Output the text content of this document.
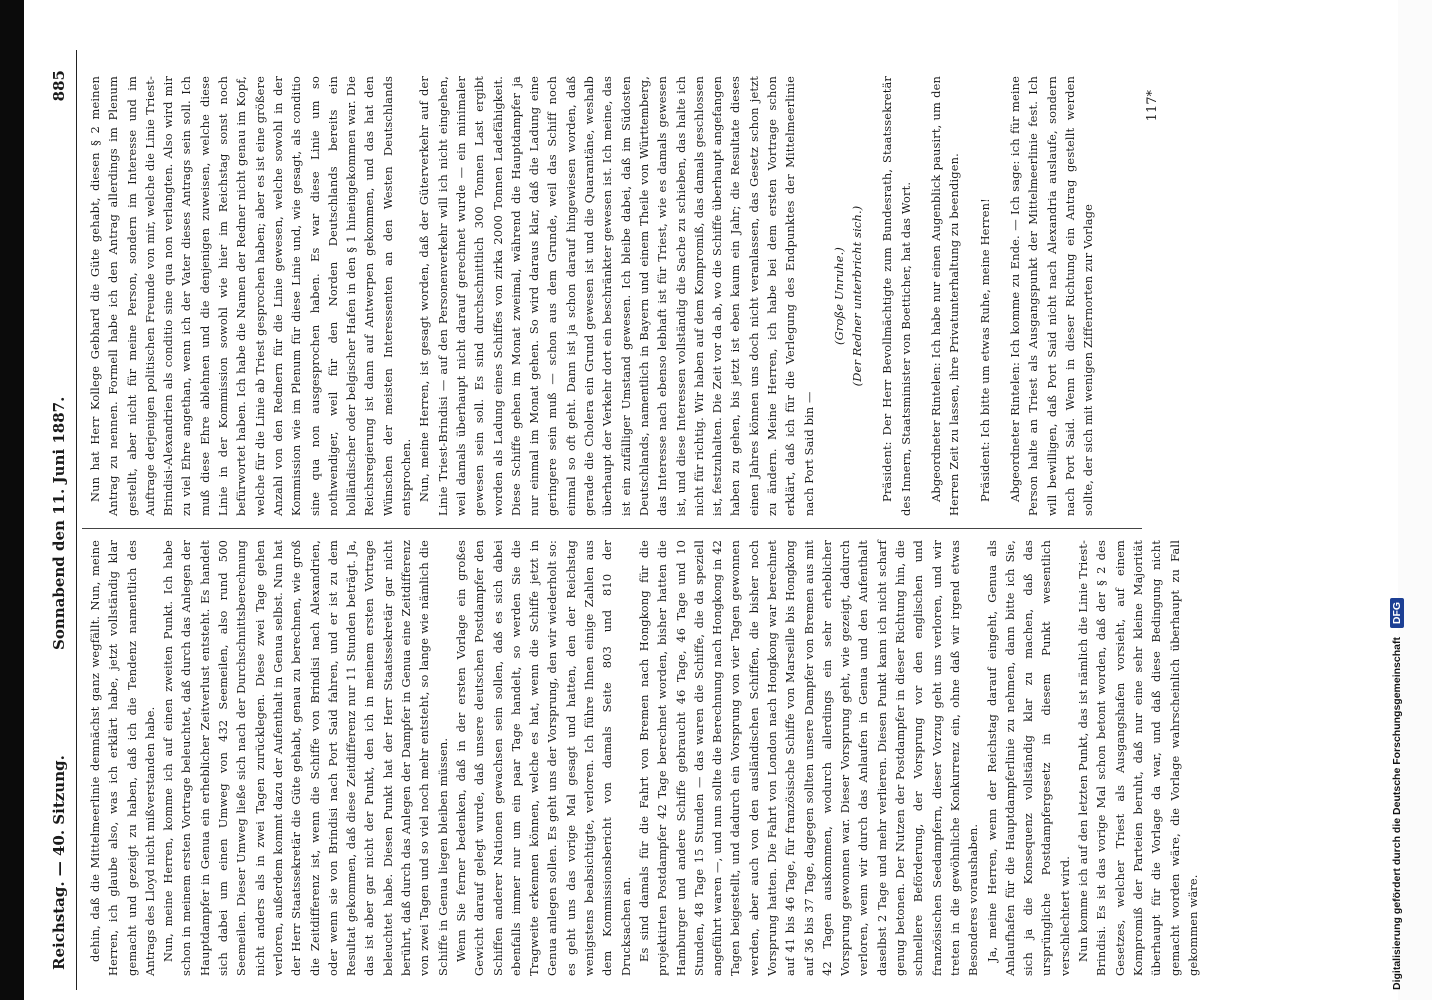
Reichstag. — 40. Sitzung.
Sonnabend den 11. Juni 1887.
885

dehin, daß die Mittelmeerlinie demnächst ganz wegfällt. Nun, meine Herren, ich glaube also, was ich erklärt habe, jetzt vollständig klar gemacht und gezeigt zu haben, daß ich die Tendenz namentlich des Antrags des Lloyd nicht mißverstanden habe. Nun, meine Herren, komme ich auf einen zweiten Punkt. Ich habe schon in meinem ersten Vortrage beleuchtet, daß durch das Anlegen der Hauptdampfer in Genua ein erheblicher Zeitverlust entsteht. Es handelt sich dabei um einen Umweg von 432 Seemeilen, also rund 500 Seemeilen. Dieser Umweg ließe sich nach der Durchschnittsberechnung nicht anders als in zwei Tagen zurücklegen. Diese zwei Tage gehen verloren, außerdem kommt dazu der Aufenthalt in Genua selbst. Nun hat der Herr Staatssekretär die Güte gehabt, genau zu berechnen, wie groß die Zeitdifferenz ist, wenn die Schiffe von Brindisi nach Alexandrien, oder wenn sie von Brindisi nach Port Said fahren, und er ist zu dem Resultat gekommen, daß diese Zeitdifferenz nur 11 Stunden beträgt. Ja, das ist aber gar nicht der Punkt, den ich in meinem ersten Vortrage beleuchtet habe. Diesen Punkt hat der Herr Staatssekretär gar nicht berührt, daß durch das Anlegen der Dampfer in Genua eine Zeitdifferenz von zwei Tagen und so viel noch mehr entsteht, so lange wie nämlich die Schiffe in Genua liegen bleiben müssen. Wenn Sie ferner bedenken, daß in der ersten Vorlage ein großes Gewicht darauf gelegt wurde, daß unsere deutschen Postdampfer den Schiffen anderer Nationen gewachsen sein sollen, daß es sich dabei ebenfalls immer nur um ein paar Tage handelt, so werden Sie die Tragweite erkennen können, welche es hat, wenn die Schiffe jetzt in Genua anlegen sollen. Es geht uns der Vorsprung, den wir wiederholt so: es geht uns das vorige Mal gesagt und hatten, den der Reichstag wenigstens beabsichtigte, verloren. Ich führe Ihnen einige Zahlen aus dem Kommissionsbericht von damals Seite 803 und 810 der Drucksachen an. Es sind damals für die Fahrt von Bremen nach Hongkong für die projektirten Postdampfer 42 Tage berechnet worden, bisher hatten die Hamburger und andere Schiffe gebraucht 46 Tage, 46 Tage und 10 Stunden, 48 Tage 15 Stunden — das waren die Schiffe, die da speziell angeführt waren —, und nun sollte die Berechnung nach Hongkong in 42 Tagen beigestellt, und dadurch ein Vorsprung von vier Tagen gewonnen werden, aber auch von den ausländischen Schiffen, die bisher noch Vorsprung hatten. Die Fahrt von London nach Hongkong war berechnet auf 41 bis 46 Tage, für französische Schiffe von Marseille bis Hongkong auf 36 bis 37 Tage, dagegen sollten unsere Dampfer von Bremen aus mit 42 Tagen auskommen, wodurch allerdings ein sehr erheblicher Vorsprung gewonnen war. Dieser Vorsprung geht, wie gezeigt, dadurch verloren, wenn wir durch das Anlaufen in Genua und den Aufenthalt daselbst 2 Tage und mehr verlieren. Diesen Punkt kann ich nicht scharf genug betonen. Der Nutzen der Postdampfer in dieser Richtung hin, die schnellere Beförderung, der Vorsprung vor den englischen und französischen Seedampfern, dieser Vorzug geht uns verloren, und wir treten in die gewöhnliche Konkurrenz ein, ohne daß wir irgend etwas Besonderes voraushaben. Ja, meine Herren, wenn der Reichstag darauf eingeht, Genua als Anlaufhafen für die Hauptdampferlinie zu nehmen, dann bitte ich Sie, sich ja die Konsequenz vollständig klar zu machen, daß das ursprüngliche Postdampfergesetz in diesem Punkt wesentlich verschlechtert wird. Nun komme ich auf den letzten Punkt, das ist nämlich die Linie Triest-Brindisi. Es ist das vorige Mal schon betont worden, daß der § 2 des Gesetzes, welcher Triest als Ausgangshafen vorsieht, auf einem Kompromiß der Parteien beruht, daß nur eine sehr kleine Majorität überhaupt für die Vorlage da war, und daß diese Bedingung nicht gemacht worden wäre, die Vorlage wahrscheinlich überhaupt zu Fall gekommen wäre.

Nun hat Herr Kollege Gebhard die Güte gehabt, diesen § 2 meinen Antrag zu nennen. Formell habe ich den Antrag allerdings im Plenum gestellt, aber nicht für meine Person, sondern im Interesse und im Auftrage derjenigen politischen Freunde von mir, welche die Linie Triest-Brindisi-Alexandrien als conditio sine qua non verlangten. Also wird mir zu viel Ehre angethan, wenn ich der Vater dieses Antrags sein soll. Ich muß diese Ehre ablehnen und die denjenigen zuweisen, welche diese Linie in der Kommission sowohl wie hier im Reichstag sonst noch befürwortet haben. Ich habe die Namen der Redner nicht genau im Kopf, welche für die Linie ab Triest gesprochen haben; aber es ist eine größere Anzahl von den Rednern für die Linie gewesen, welche sowohl in der Kommission wie im Plenum für diese Linie und, wie gesagt, als conditio sine qua non ausgesprochen haben. Es war diese Linie um so nothwendiger, weil für den Norden Deutschlands bereits ein holländischer oder belgischer Hafen in den § 1 hineingekommen war. Die Reichsregierung ist dann auf Antwerpen gekommen, und das hat den Wünschen der meisten Interessenten an den Westen Deutschlands entsprochen. Nun, meine Herren, ist gesagt worden, daß der Güterverkehr auf der Linie Triest-Brindisi — auf den Personenverkehr will ich nicht eingehen, weil damals überhaupt nicht darauf gerechnet wurde — ein minimaler gewesen sein soll. Es sind durchschnittlich 300 Tonnen Last ergibt worden als Ladung eines Schiffes von zirka 2000 Tonnen Ladefähigkeit. Diese Schiffe gehen im Monat zweimal, während die Hauptdampfer ja nur einmal im Monat gehen. So wird daraus klar, daß die Ladung eine geringere sein muß — schon aus dem Grunde, weil das Schiff noch einmal so oft geht. Dann ist ja schon darauf hingewiesen worden, daß gerade die Cholera ein Grund gewesen ist und die Quarantäne, weshalb überhaupt der Verkehr dort ein beschränkter gewesen ist. Ich meine, das ist ein zufälliger Umstand gewesen. Ich bleibe dabei, daß im Südosten Deutschlands, namentlich in Bayern und einem Theile von Württemberg, das Interesse nach ebenso lebhaft ist für Triest, wie es damals gewesen ist, und diese Interessen vollständig die Sache zu schieben, das halte ich nicht für richtig. Wir haben auf dem Kompromiß, das damals geschlossen ist, festzuhalten. Die Zeit vor da ab, wo die Schiffe überhaupt angefangen haben zu gehen, bis jetzt ist eben kaum ein Jahr; die Resultate dieses einen Jahres können uns doch nicht veranlassen, das Gesetz schon jetzt zu ändern. Meine Herren, ich habe bei dem ersten Vortrage schon erklärt, daß ich für die Verlegung des Endpunktes der Mittelmeerlinie nach Port Said bin —

(Große Unruhe.) (Der Redner unterbricht sich.) Präsident: Der Herr Bevollmächtigte zum Bundesrath, Staatssekretär des Innern, Staatsminister von Boetticher, hat das Wort. Abgeordneter Rintelen: Ich habe nur einen Augenblick pausirt, um den Herren Zeit zu lassen, ihre Privatunterhaltung zu beendigen. Präsident: Ich bitte um etwas Ruhe, meine Herren! Abgeordneter Rintelen: Ich komme zu Ende. — Ich sage: ich für meine Person halte an Triest als Ausgangspunkt der Mittelmeerlinie fest. Ich will bewilligen, daß Port Said nicht nach Alexandria auslaufe, sondern nach Port Said. Wenn in dieser Richtung ein Antrag gestellt werden sollte, der sich mit wenigen Ziffernorten zur Vorlage

117*
Digitalisierung gefördert durch die Deutsche Forschungsgemeinschaft DFG
